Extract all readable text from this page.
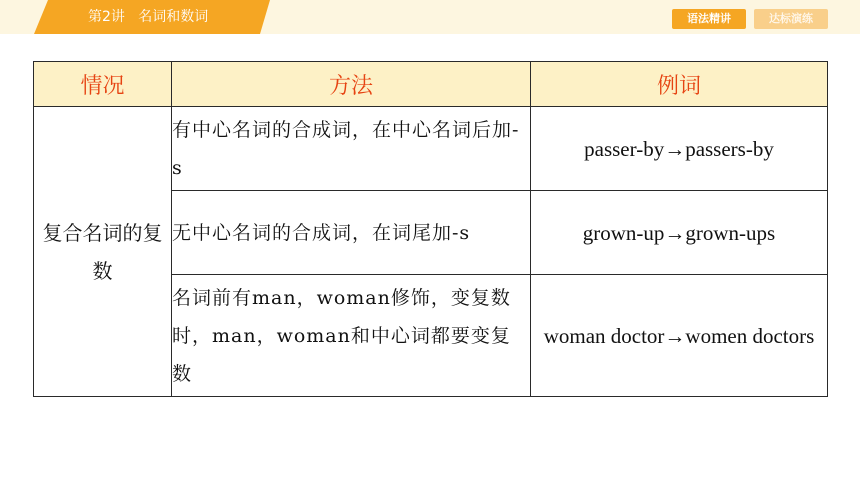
第2讲   名词和数词	语法精讲	达标演练
情况	方法	例词
复合名词的复数	有中心名词的合成词，在中心名词后加-s	passer-by→passers-by
	无中心名词的合成词，在词尾加-s	grown-up→grown-ups
	名词前有man，woman修饰，变复数时，man，woman和中心词都要变复数	woman doctor→women doctors
